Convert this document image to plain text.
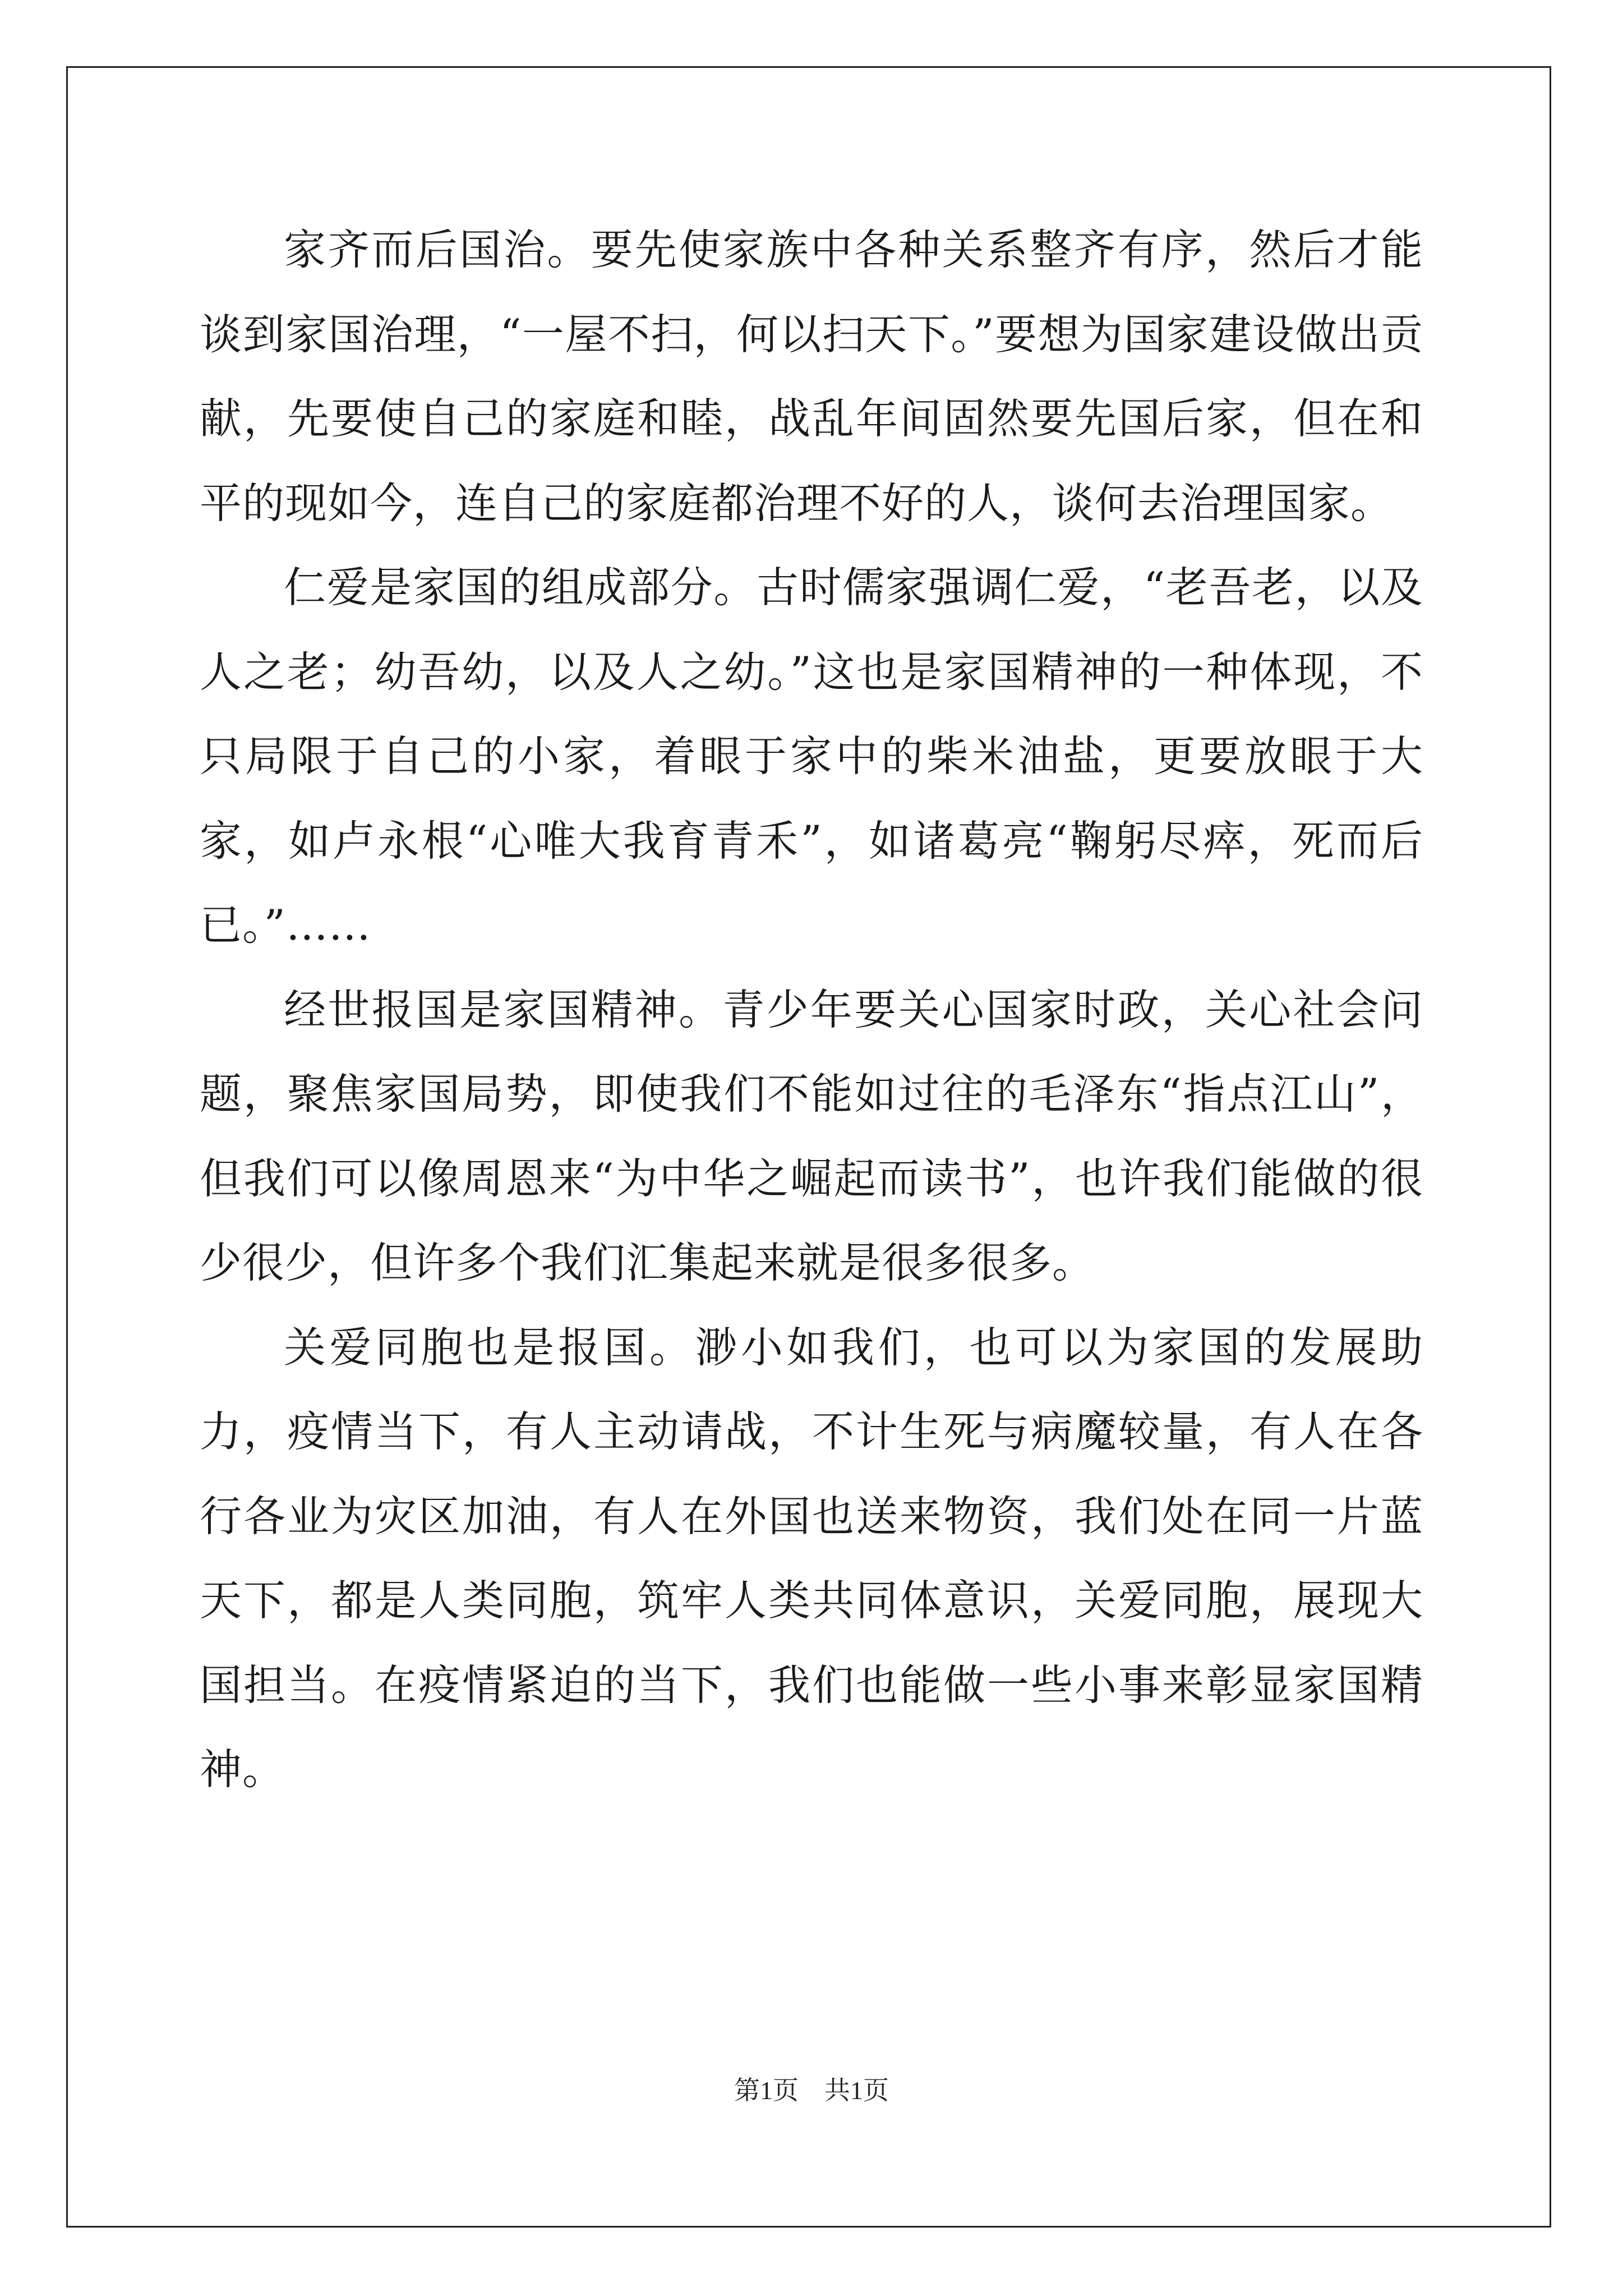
家齐而后国治。要先使家族中各种关系整齐有序，然后才能谈到家国治理，“一屋不扫，何以扫天下。”要想为国家建设做出贡献，先要使自己的家庭和睦，战乱年间固然要先国后家，但在和平的现如今，连自己的家庭都治理不好的人，谈何去治理国家。

仁爱是家国的组成部分。古时儒家强调仁爱，“老吾老，以及人之老；幼吾幼，以及人之幼。”这也是家国精神的一种体现，不只局限于自己的小家，着眼于家中的柴米油盐，更要放眼于大家，如卢永根“心唯大我育青禾”，如诸葛亮“鞠躬尽瘁，死而后已。”……

经世报国是家国精神。青少年要关心国家时政，关心社会问题，聚焦家国局势，即使我们不能如过往的毛泽东“指点江山”，但我们可以像周恩来“为中华之崛起而读书”，也许我们能做的很少很少，但许多个我们汇集起来就是很多很多。

关爱同胞也是报国。渺小如我们，也可以为家国的发展助力，疫情当下，有人主动请战，不计生死与病魔较量，有人在各行各业为灾区加油，有人在外国也送来物资，我们处在同一片蓝天下，都是人类同胞，筑牢人类共同体意识，关爱同胞，展现大国担当。在疫情紧迫的当下，我们也能做一些小事来彰显家国精神。

第1页　共1页
